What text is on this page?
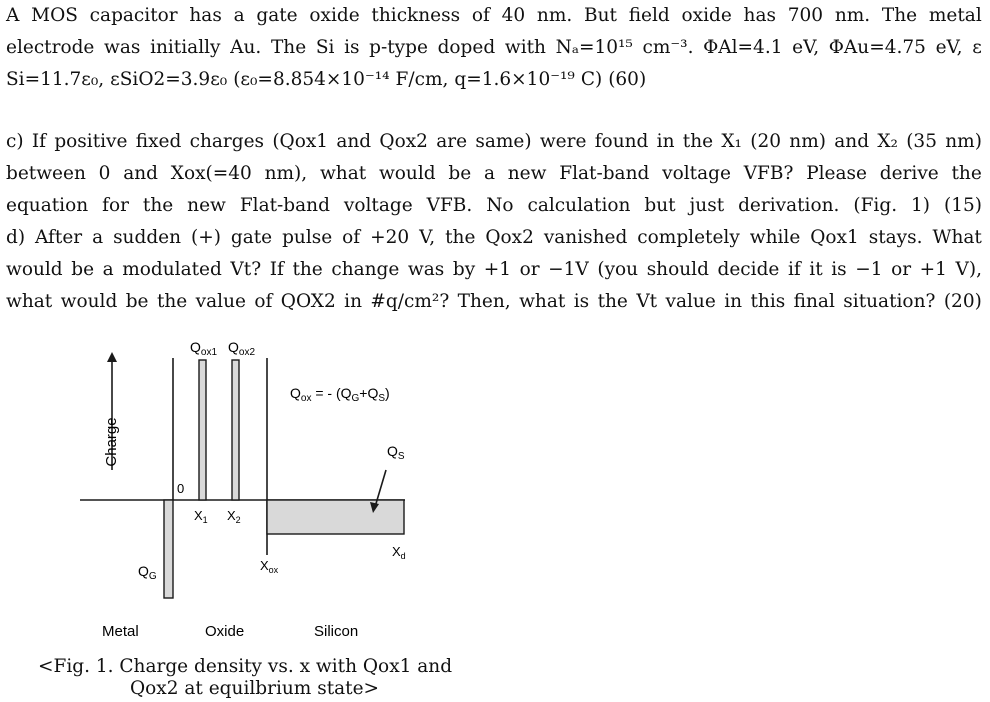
A MOS capacitor has a gate oxide thickness of 40 nm. But field oxide has 700 nm. The metal
electrode was initially Au. The Si is p-type doped with Nₐ=10¹⁵ cm⁻³. ΦAl=4.1 eV, ΦAu=4.75 eV, ε
Si=11.7ε₀, εSiO2=3.9ε₀ (ε₀=8.854×10⁻¹⁴ F/cm, q=1.6×10⁻¹⁹ C) (60)
c) If positive fixed charges (Qox1 and Qox2 are same) were found in the X₁ (20 nm) and X₂ (35 nm)
between 0 and Xox(=40 nm), what would be a new Flat-band voltage VFB? Please derive the
equation for the new Flat-band voltage VFB. No calculation but just derivation. (Fig. 1) (15)
d) After a sudden (+) gate pulse of +20 V, the Qox2 vanished completely while Qox1 stays. What
would be a modulated Vt? If the change was by +1 or −1V (you should decide if it is −1 or +1 V),
what would be the value of QOX2 in #q/cm²? Then, what is the Vt value in this final situation? (20)
Charge
$Q_{ox1}$ $Q_{ox2}$
$Q_G$
$Q_S$
$Q_{ox}$ = - $(Q_G+Q_S)$
0
$X_1$ $X_2$
$X_{ox}$
$X_d$
Metal	Oxide	Silicon
<Fig. 1. Charge density vs. x with Qox1 and
Qox2 at equilbrium state>
